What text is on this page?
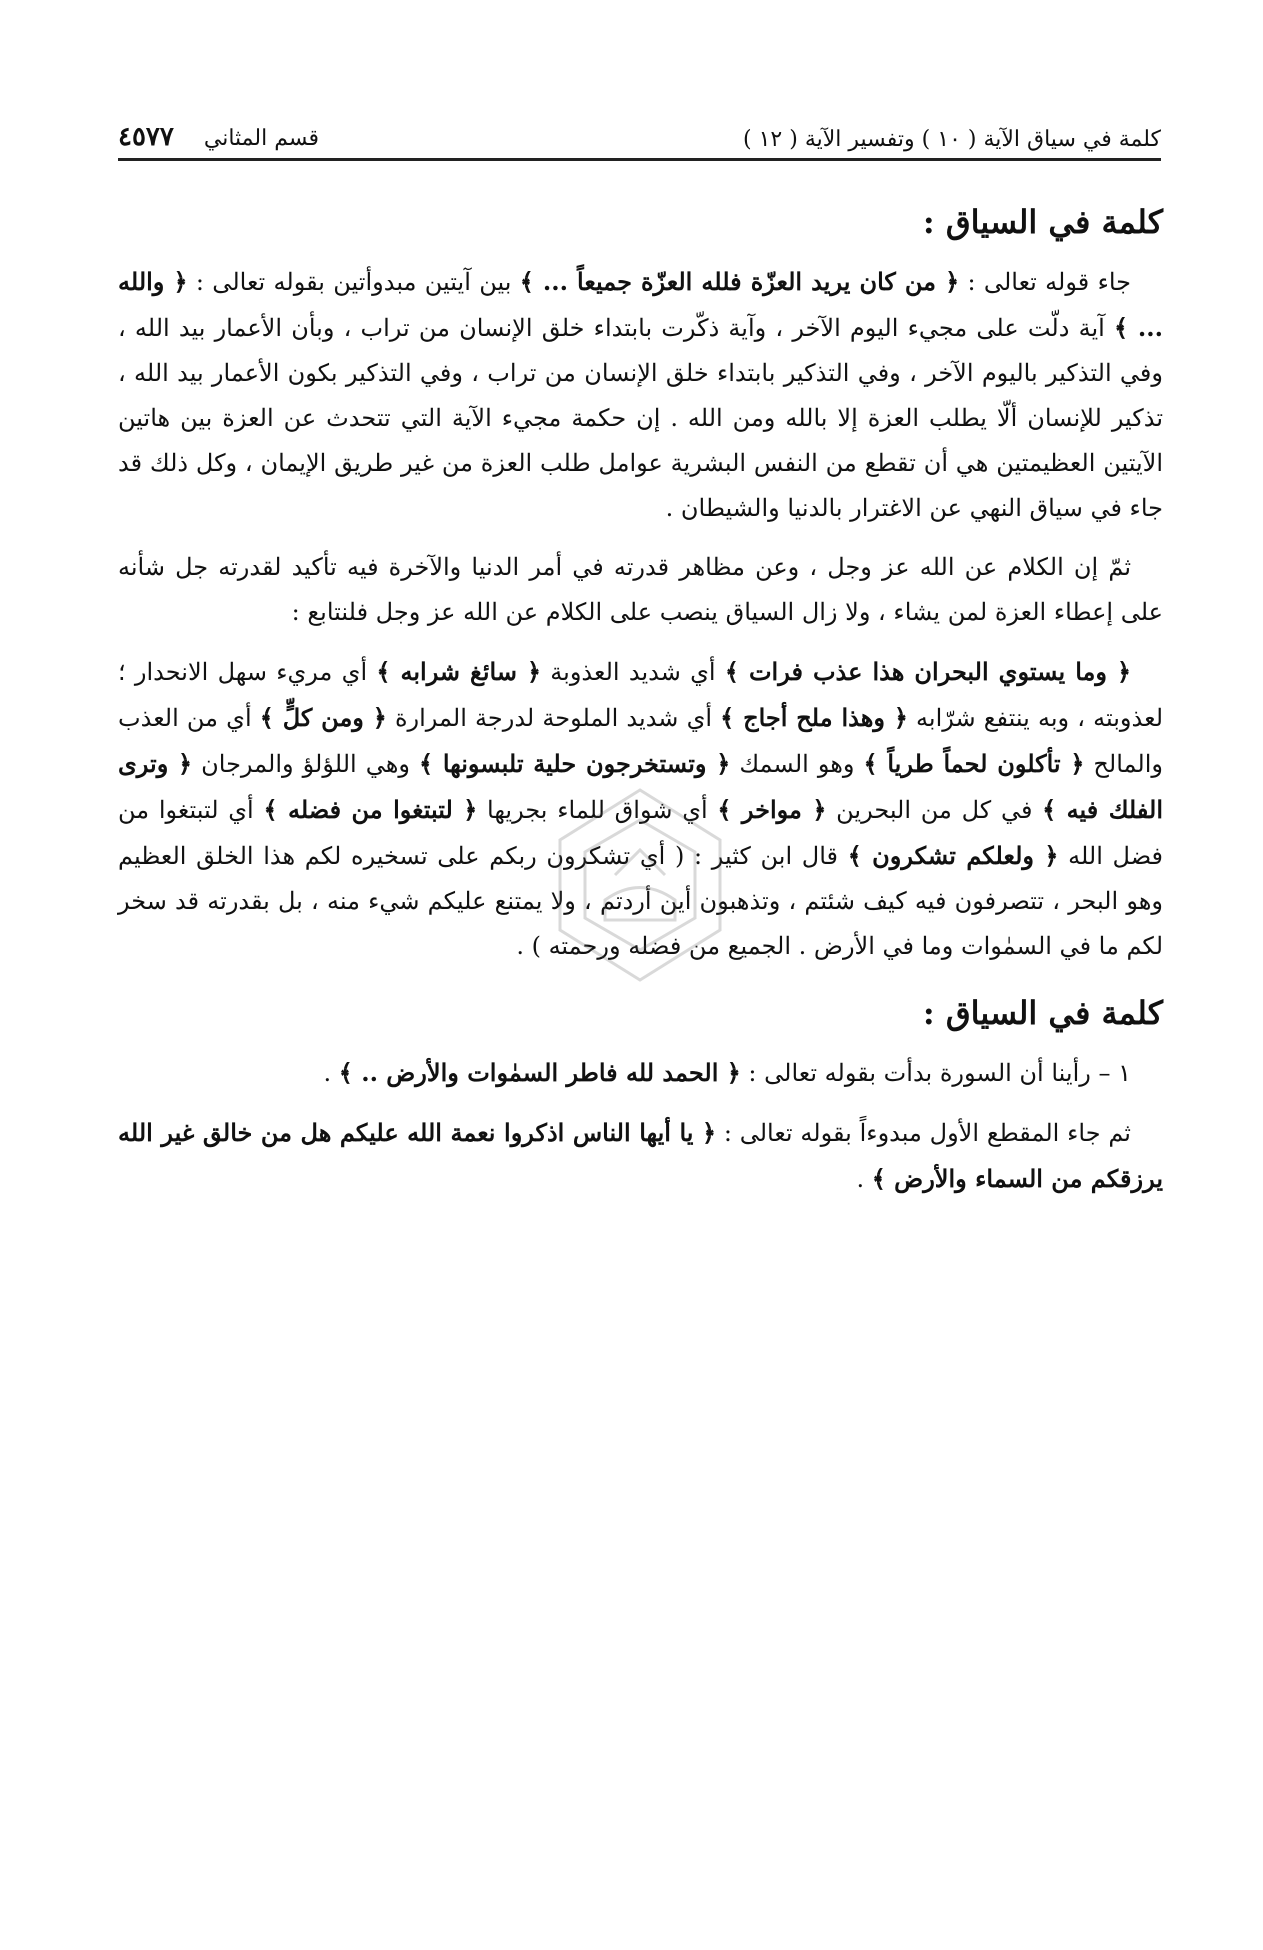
كلمة في سياق الآية ( ١٠ ) وتفسير الآية ( ١٢ )
قسم المثاني
٤٥٧٧
كلمة في السياق :

جاء قوله تعالى : ﴿ من كان يريد العزّة فلله العزّة جميعاً ... ﴾ بين آيتين مبدوأتين بقوله تعالى : ﴿ والله ... ﴾ آية دلّت على مجيء اليوم الآخر ، وآية ذكّرت بابتداء خلق الإنسان من تراب ، وبأن الأعمار بيد الله ، وفي التذكير باليوم الآخر ، وفي التذكير بابتداء خلق الإنسان من تراب ، وفي التذكير بكون الأعمار بيد الله ، تذكير للإنسان ألّا يطلب العزة إلا بالله ومن الله . إن حكمة مجيء الآية التي تتحدث عن العزة بين هاتين الآيتين العظيمتين هي أن تقطع من النفس البشرية عوامل طلب العزة من غير طريق الإيمان ، وكل ذلك قد جاء في سياق النهي عن الاغترار بالدنيا والشيطان .

ثمّ إن الكلام عن الله عز وجل ، وعن مظاهر قدرته في أمر الدنيا والآخرة فيه تأكيد لقدرته جل شأنه على إعطاء العزة لمن يشاء ، ولا زال السياق ينصب على الكلام عن الله عز وجل فلنتابع :

﴿ وما يستوي البحران هذا عذب فرات ﴾ أي شديد العذوبة ﴿ سائغ شرابه ﴾ أي مريء سهل الانحدار ؛ لعذوبته ، وبه ينتفع شرّابه ﴿ وهذا ملح أجاج ﴾ أي شديد الملوحة لدرجة المرارة ﴿ ومن كلٍّ ﴾ أي من العذب والمالح ﴿ تأكلون لحماً طرياً ﴾ وهو السمك ﴿ وتستخرجون حلية تلبسونها ﴾ وهي اللؤلؤ والمرجان ﴿ وترى الفلك فيه ﴾ في كل من البحرين ﴿ مواخر ﴾ أي شواق للماء بجريها ﴿ لتبتغوا من فضله ﴾ أي لتبتغوا من فضل الله ﴿ ولعلكم تشكرون ﴾ قال ابن كثير : ( أي تشكرون ربكم على تسخيره لكم هذا الخلق العظيم وهو البحر ، تتصرفون فيه كيف شئتم ، وتذهبون أين أردتم ، ولا يمتنع عليكم شيء منه ، بل بقدرته قد سخر لكم ما في السمٰوات وما في الأرض . الجميع من فضله ورحمته ) .

كلمة في السياق :

١ – رأينا أن السورة بدأت بقوله تعالى : ﴿ الحمد لله فاطر السمٰوات والأرض .. ﴾ .

ثم جاء المقطع الأول مبدوءاً بقوله تعالى : ﴿ يا أيها الناس اذكروا نعمة الله عليكم هل من خالق غير الله يرزقكم من السماء والأرض ﴾ .
